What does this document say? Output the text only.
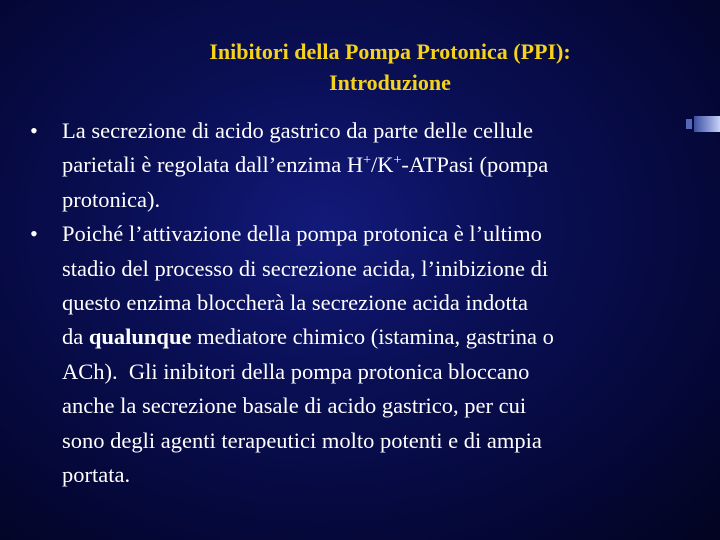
Inibitori della Pompa Protonica (PPI):
Introduzione
•	La secrezione di acido gastrico da parte delle cellule
parietali è regolata dall’enzima H+/K+-ATPasi (pompa
protonica).
•	Poiché l’attivazione della pompa protonica è l’ultimo
stadio del processo di secrezione acida, l’inibizione di
questo enzima bloccherà la secrezione acida indotta
da qualunque mediatore chimico (istamina, gastrina o
ACh).  Gli inibitori della pompa protonica bloccano
anche la secrezione basale di acido gastrico, per cui
sono degli agenti terapeutici molto potenti e di ampia
portata.
